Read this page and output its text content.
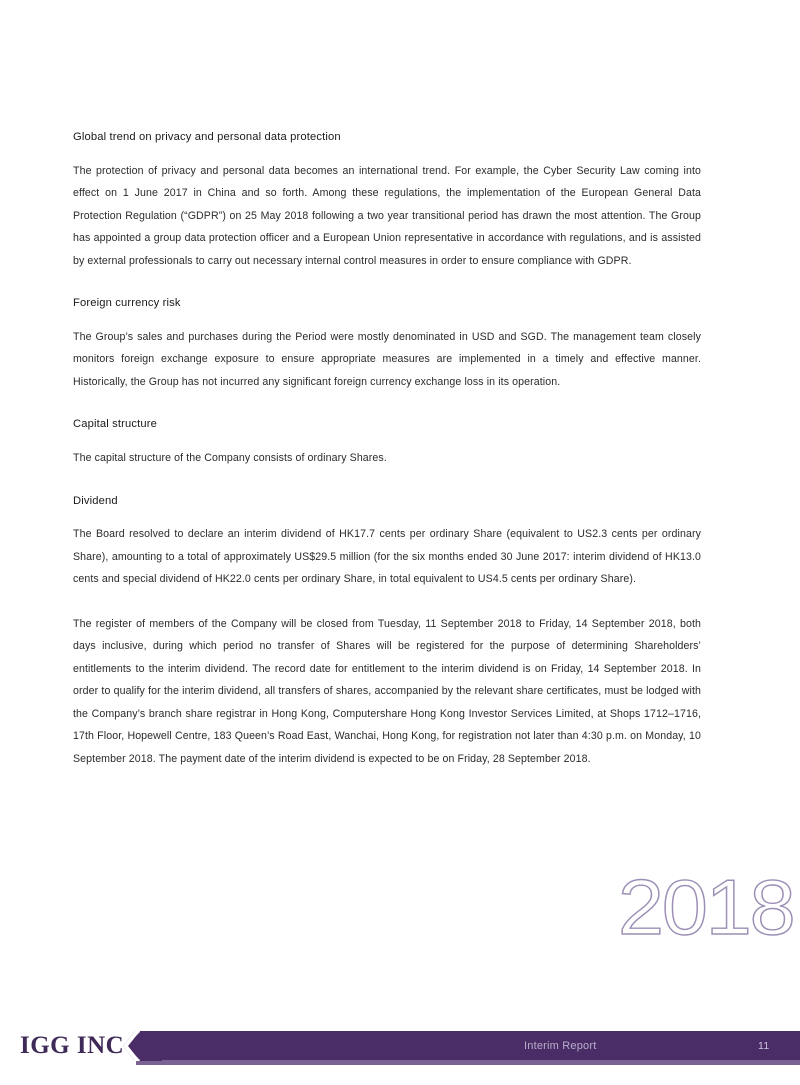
Global trend on privacy and personal data protection

The protection of privacy and personal data becomes an international trend. For example, the Cyber Security Law coming into effect on 1 June 2017 in China and so forth. Among these regulations, the implementation of the European General Data Protection Regulation (“GDPR”) on 25 May 2018 following a two year transitional period has drawn the most attention. The Group has appointed a group data protection officer and a European Union representative in accordance with regulations, and is assisted by external professionals to carry out necessary internal control measures in order to ensure compliance with GDPR.

Foreign currency risk

The Group’s sales and purchases during the Period were mostly denominated in USD and SGD. The management team closely monitors foreign exchange exposure to ensure appropriate measures are implemented in a timely and effective manner. Historically, the Group has not incurred any significant foreign currency exchange loss in its operation.

Capital structure

The capital structure of the Company consists of ordinary Shares.

Dividend

The Board resolved to declare an interim dividend of HK17.7 cents per ordinary Share (equivalent to US2.3 cents per ordinary Share), amounting to a total of approximately US$29.5 million (for the six months ended 30 June 2017: interim dividend of HK13.0 cents and special dividend of HK22.0 cents per ordinary Share, in total equivalent to US4.5 cents per ordinary Share).

The register of members of the Company will be closed from Tuesday, 11 September 2018 to Friday, 14 September 2018, both days inclusive, during which period no transfer of Shares will be registered for the purpose of determining Shareholders’ entitlements to the interim dividend. The record date for entitlement to the interim dividend is on Friday, 14 September 2018. In order to qualify for the interim dividend, all transfers of shares, accompanied by the relevant share certificates, must be lodged with the Company’s branch share registrar in Hong Kong, Computershare Hong Kong Investor Services Limited, at Shops 1712–1716, 17th Floor, Hopewell Centre, 183 Queen’s Road East, Wanchai, Hong Kong, for registration not later than 4:30 p.m. on Monday, 10 September 2018. The payment date of the interim dividend is expected to be on Friday, 28 September 2018.

2018
IGG INC	Interim Report	11
